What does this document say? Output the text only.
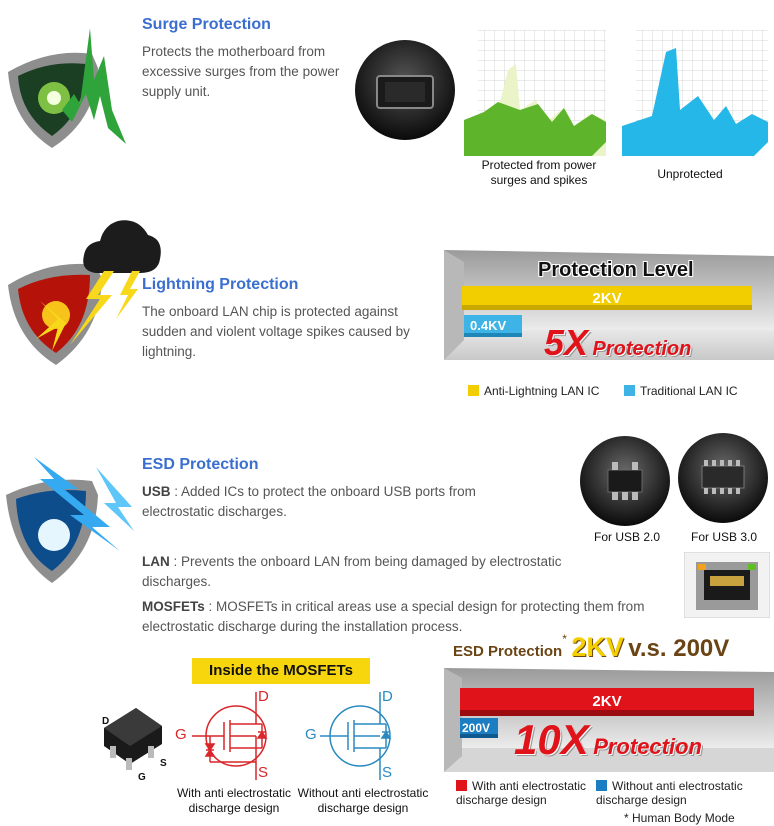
Surge Protection
Protects the motherboard from excessive surges from the power supply unit.
Protected from power surges and spikes	Unprotected
Lightning Protection
The onboard LAN chip is protected against sudden and violent voltage spikes caused by lightning.
Protection Level
2KV
0.4KV	5X Protection
Anti-Lightning LAN IC	Traditional LAN IC
ESD Protection
USB : Added ICs to protect the onboard USB ports from electrostatic discharges.
LAN : Prevents the onboard LAN from being damaged by electrostatic discharges.
MOSFETs : MOSFETs in critical areas use a special design for protecting them from electrostatic discharge during the installation process.
For USB 2.0	For USB 3.0
Inside the MOSFETs
D
G
S
D
G
S
D
G
S
With anti electrostatic discharge design
Without anti electrostatic discharge design
ESD Protection* 2KV v.s. 200V
2KV
200V 10X Protection
With anti electrostatic discharge design
Without anti electrostatic discharge design
* Human Body Mode
